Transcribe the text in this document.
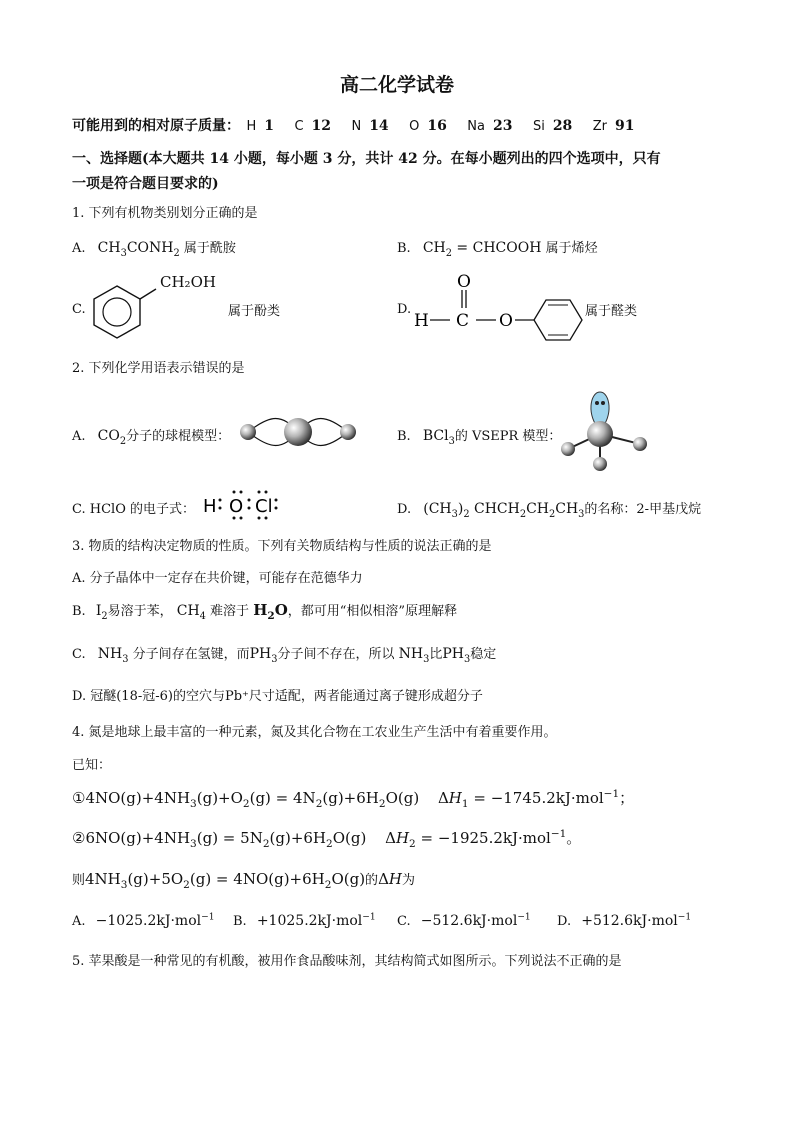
高二化学试卷
可能用到的相对原子质量： H 1 C 12 N 14 O 16 Na 23 Si 28 Zr 91
一、选择题(本大题共 14 小题，每小题 3 分，共计 42 分。在每小题列出的四个选项中，只有
一项是符合题目要求的)
1. 下列有机物类别划分正确的是
A. $CH_3CONH_2$ 属于酰胺	B. $CH_2$ = CHCOOH 属于烯烃
C.
CH₂OH
属于酚类	D.
H C
O
O	属于醛类
2. 下列化学用语表示错误的是
A. $CO_2$分子的球棍模型：	B. BCl$_3$的 VSEPR 模型：
C. HClO 的电子式： H O Cl	D. $(CH_3)_2$ $CHCH_2CH_2CH_3$的名称：2-甲基戊烷
3. 物质的结构决定物质的性质。下列有关物质结构与性质的说法正确的是
A. 分子晶体中一定存在共价键，可能存在范德华力
B. $I_2$易溶于苯， $CH_4$ 难溶于 $H_2O$，都可用“相似相溶”原理解释
C. $NH_3$ 分子间存在氢键，而$PH_3$分子间不存在，所以 $NH_3$比$PH_3$稳定
D. 冠醚(18-冠-6)的空穴与Pb⁺尺寸适配，两者能通过离子键形成超分子
4. 氮是地球上最丰富的一种元素，氮及其化合物在工农业生产生活中有着重要作用。
已知：
$①4NO(g)+4NH_3(g)+O_2(g) = 4N_2(g)+6H_2O(g) \Delta H_1 = -1745.2kJ\cdot mol^{-1}$；
$②6NO(g)+4NH_3(g) = 5N_2(g)+6H_2O(g) \Delta H_2 = -1925.2kJ\cdot mol^{-1}$。
则$4NH_3(g)+5O_2(g) = 4NO(g)+6H_2O(g)$的ΔH为
A. −1025.2kJ·mol$^{-1}$ B. +1025.2kJ·mol$^{-1}$ C. −512.6kJ·mol$^{-1}$ D. +512.6kJ·mol$^{-1}$
5. 苹果酸是一种常见的有机酸，被用作食品酸味剂，其结构简式如图所示。下列说法不正确的是
